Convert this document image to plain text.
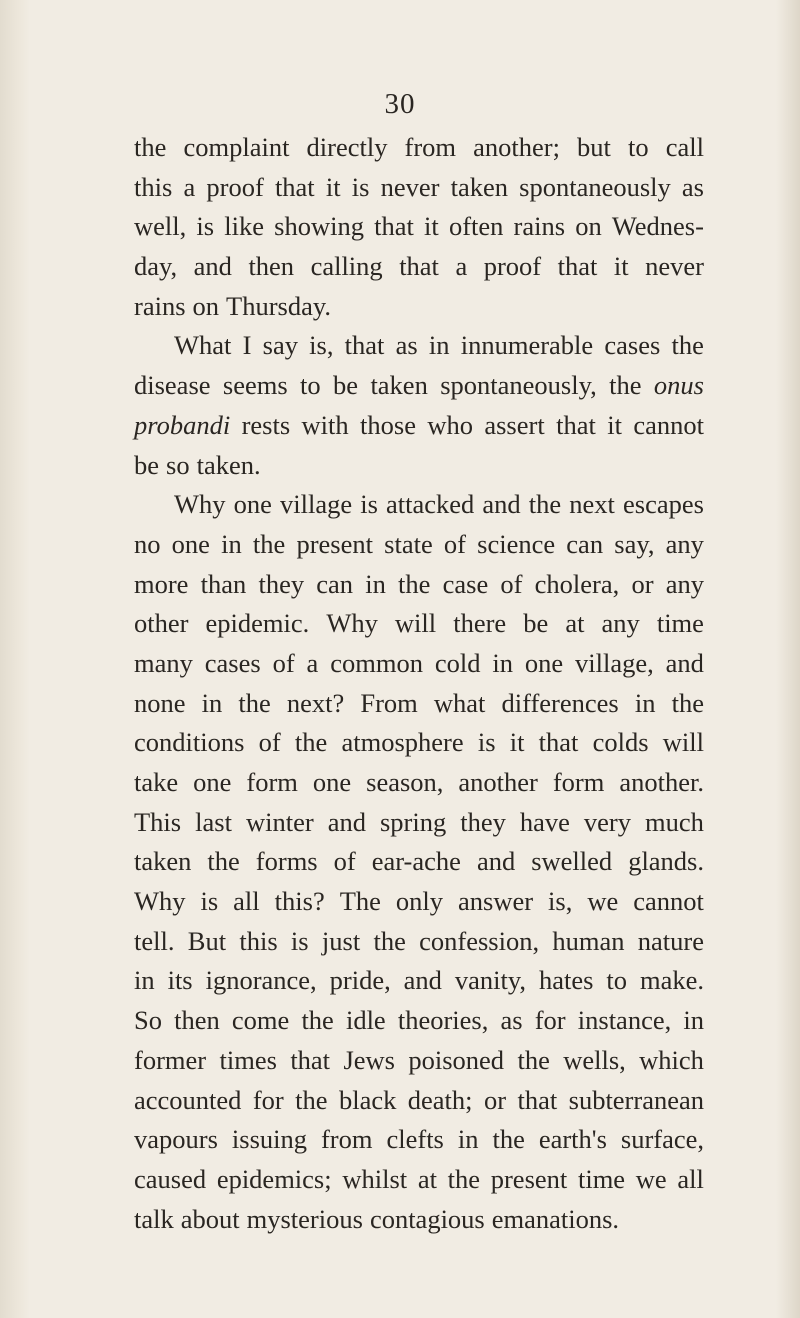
30
the complaint directly from another; but to call
this a proof that it is never taken spontaneously as
well, is like showing that it often rains on Wednes-
day, and then calling that a proof that it never
rains on Thursday.
What I say is, that as in innumerable cases the
disease seems to be taken spontaneously, the onus
probandi rests with those who assert that it cannot
be so taken.
Why one village is attacked and the next escapes
no one in the present state of science can say, any
more than they can in the case of cholera, or any
other epidemic. Why will there be at any time
many cases of a common cold in one village, and
none in the next? From what differences in the
conditions of the atmosphere is it that colds will
take one form one season, another form another.
This last winter and spring they have very much
taken the forms of ear-ache and swelled glands.
Why is all this? The only answer is, we cannot
tell. But this is just the confession, human nature
in its ignorance, pride, and vanity, hates to make.
So then come the idle theories, as for instance, in
former times that Jews poisoned the wells, which
accounted for the black death; or that subterranean
vapours issuing from clefts in the earth's surface,
caused epidemics; whilst at the present time we all
talk about mysterious contagious emanations.
